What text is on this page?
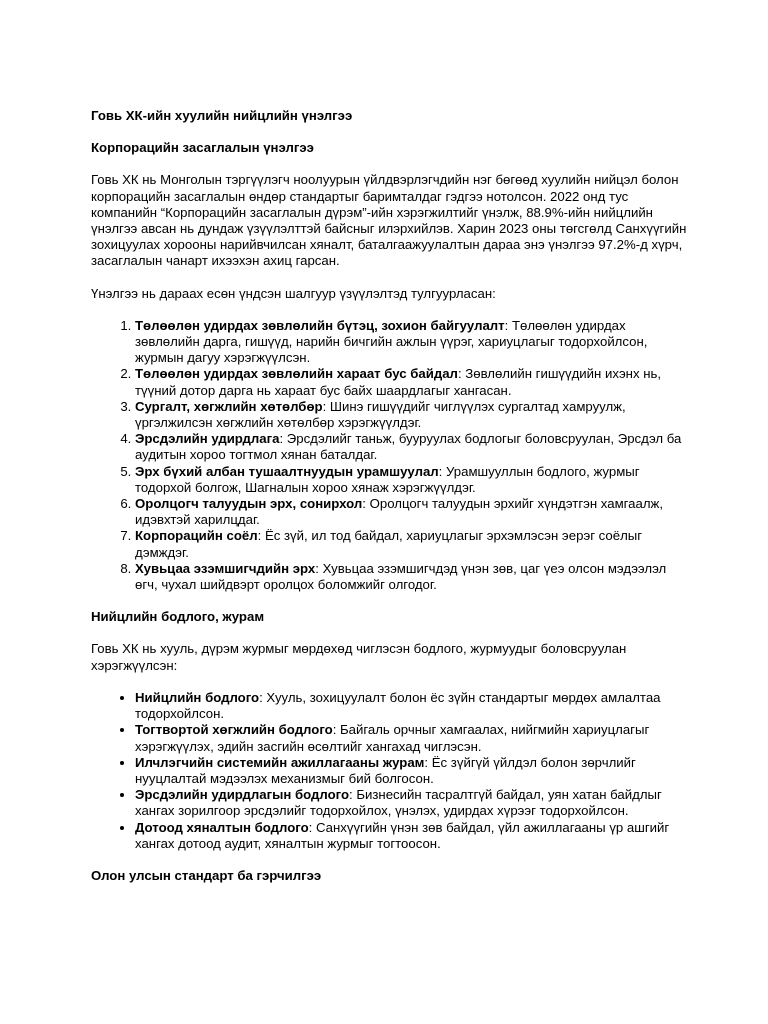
Говь ХК-ийн хуулийн нийцлийн үнэлгээ
Корпорацийн засаглалын үнэлгээ

Говь ХК нь Монголын тэргүүлэгч ноолуурын үйлдвэрлэгчдийн нэг бөгөөд хуулийн нийцэл болон корпорацийн засаглалын өндөр стандартыг баримталдаг гэдгээ нотолсон. 2022 онд тус компанийн “Корпорацийн засаглалын дүрэм”-ийн хэрэгжилтийг үнэлж, 88.9%-ийн нийцлийн үнэлгээ авсан нь дундаж үзүүлэлттэй байсныг илэрхийлэв. Харин 2023 оны төгсгөлд Санхүүгийн зохицуулах хорооны нарийвчилсан хяналт, баталгаажуулалтын дараа энэ үнэлгээ 97.2%-д хүрч, засаглалын чанарт ихээхэн ахиц гарсан.

Үнэлгээ нь дараах есөн үндсэн шалгуур үзүүлэлтэд тулгуурласан:

1. Төлөөлөн удирдах зөвлөлийн бүтэц, зохион байгуулалт: Төлөөлөн удирдах зөвлөлийн дарга, гишүүд, нарийн бичгийн ажлын үүрэг, хариуцлагыг тодорхойлсон, журмын дагуу хэрэгжүүлсэн.
2. Төлөөлөн удирдах зөвлөлийн хараат бус байдал: Зөвлөлийн гишүүдийн ихэнх нь, түүний дотор дарга нь хараат бус байх шаардлагыг хангасан.
3. Сургалт, хөгжлийн хөтөлбөр: Шинэ гишүүдийг чиглүүлэх сургалтад хамруулж, үргэлжилсэн хөгжлийн хөтөлбөр хэрэгжүүлдэг.
4. Эрсдэлийн удирдлага: Эрсдэлийг таньж, бууруулах бодлогыг боловсруулан, Эрсдэл ба аудитын хороо тогтмол хянан баталдаг.
5. Эрх бүхий албан тушаалтнуудын урамшуулал: Урамшууллын бодлого, журмыг тодорхой болгож, Шагналын хороо хянаж хэрэгжүүлдэг.
6. Оролцогч талуудын эрх, сонирхол: Оролцогч талуудын эрхийг хүндэтгэн хамгаалж, идэвхтэй харилцдаг.
7. Корпорацийн соёл: Ёс зүй, ил тод байдал, хариуцлагыг эрхэмлэсэн эерэг соёлыг дэмждэг.
8. Хувьцаа эзэмшигчдийн эрх: Хувьцаа эзэмшигчдэд үнэн зөв, цаг үеэ олсон мэдээлэл өгч, чухал шийдвэрт оролцох боломжийг олгодог.
Нийцлийн бодлого, журам

Говь ХК нь хууль, дүрэм журмыг мөрдөхөд чиглэсэн бодлого, журмуудыг боловсруулан хэрэгжүүлсэн:

• Нийцлийн бодлого: Хууль, зохицуулалт болон ёс зүйн стандартыг мөрдөх амлалтаа тодорхойлсон.
• Тогтвортой хөгжлийн бодлого: Байгаль орчныг хамгаалах, нийгмийн хариуцлагыг хэрэгжүүлэх, эдийн засгийн өсөлтийг хангахад чиглэсэн.
• Илчлэгчийн системийн ажиллагааны журам: Ёс зүйгүй үйлдэл болон зөрчлийг нууцлалтай мэдээлэх механизмыг бий болгосон.
• Эрсдэлийн удирдлагын бодлого: Бизнесийн тасралтгүй байдал, уян хатан байдлыг хангах зорилгоор эрсдэлийг тодорхойлох, үнэлэх, удирдах хүрээг тодорхойлсон.
• Дотоод хяналтын бодлого: Санхүүгийн үнэн зөв байдал, үйл ажиллагааны үр ашгийг хангах дотоод аудит, хяналтын журмыг тогтоосон.
Олон улсын стандарт ба гэрчилгээ
